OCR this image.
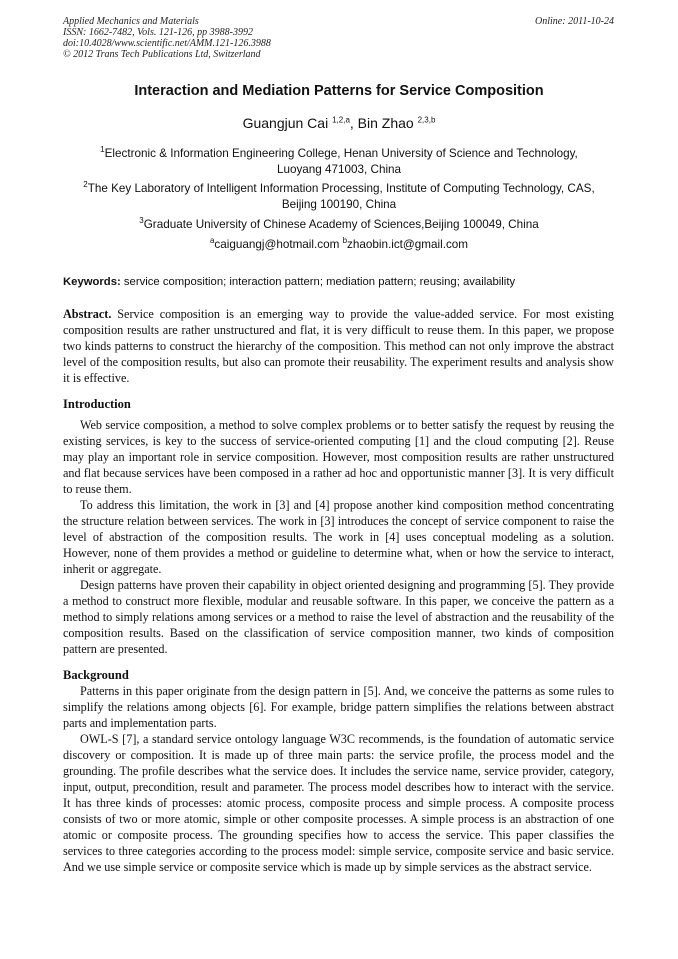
Applied Mechanics and Materials
ISSN: 1662-7482, Vols. 121-126, pp 3988-3992
doi:10.4028/www.scientific.net/AMM.121-126.3988
© 2012 Trans Tech Publications Ltd, Switzerland
Online: 2011-10-24
Interaction and Mediation Patterns for Service Composition
Guangjun Cai $^{1,2,a}$, Bin Zhao $^{2,3,b}$
$^1$Electronic & Information Engineering College, Henan University of Science and Technology,
Luoyang 471003, China
$^2$The Key Laboratory of Intelligent Information Processing, Institute of Computing Technology, CAS,
Beijing 100190, China
$^3$Graduate University of Chinese Academy of Sciences,Beijing 100049, China
$^a$caiguangj@hotmail.com $^b$zhaobin.ict@gmail.com
Keywords: service composition; interaction pattern; mediation pattern; reusing; availability

Abstract. Service composition is an emerging way to provide the value-added service. For most existing composition results are rather unstructured and flat, it is very difficult to reuse them. In this paper, we propose two kinds patterns to construct the hierarchy of the composition. This method can not only improve the abstract level of the composition results, but also can promote their reusability. The experiment results and analysis show it is effective.

Introduction

Web service composition, a method to solve complex problems or to better satisfy the request by reusing the existing services, is key to the success of service-oriented computing [1] and the cloud computing [2]. Reuse may play an important role in service composition. However, most composition results are rather unstructured and flat because services have been composed in a rather ad hoc and opportunistic manner [3]. It is very difficult to reuse them.

To address this limitation, the work in [3] and [4] propose another kind composition method concentrating the structure relation between services. The work in [3] introduces the concept of service component to raise the level of abstraction of the composition results. The work in [4] uses conceptual modeling as a solution. However, none of them provides a method or guideline to determine what, when or how the service to interact, inherit or aggregate.

Design patterns have proven their capability in object oriented designing and programming [5]. They provide a method to construct more flexible, modular and reusable software. In this paper, we conceive the pattern as a method to simply relations among services or a method to raise the level of abstraction and the reusability of the composition results. Based on the classification of service composition manner, two kinds of composition pattern are presented.

Background

Patterns in this paper originate from the design pattern in [5]. And, we conceive the patterns as some rules to simplify the relations among objects [6]. For example, bridge pattern simplifies the relations between abstract parts and implementation parts.

OWL-S [7], a standard service ontology language W3C recommends, is the foundation of automatic service discovery or composition. It is made up of three main parts: the service profile, the process model and the grounding. The profile describes what the service does. It includes the service name, service provider, category, input, output, precondition, result and parameter. The process model describes how to interact with the service. It has three kinds of processes: atomic process, composite process and simple process. A composite process consists of two or more atomic, simple or other composite processes. A simple process is an abstraction of one atomic or composite process. The grounding specifies how to access the service. This paper classifies the services to three categories according to the process model: simple service, composite service and basic service. And we use simple service or composite service which is made up by simple services as the abstract service.
